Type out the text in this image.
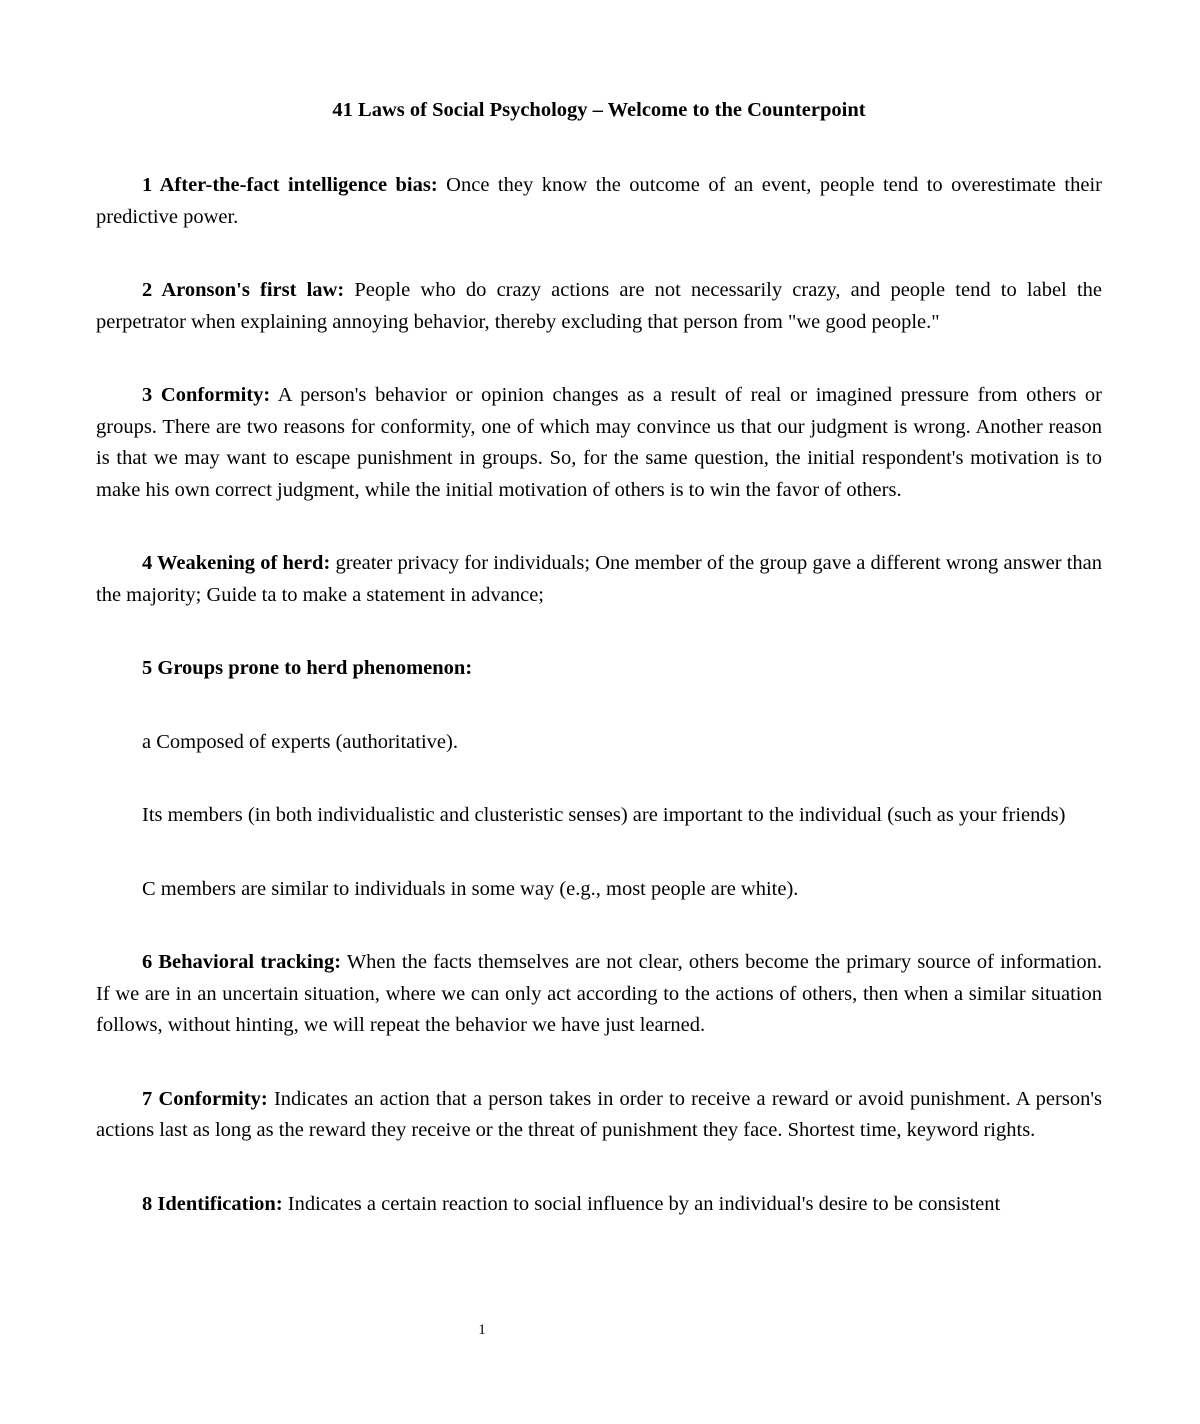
41 Laws of Social Psychology – Welcome to the Counterpoint

1 After-the-fact intelligence bias: Once they know the outcome of an event, people tend to overestimate their predictive power.

2 Aronson's first law: People who do crazy actions are not necessarily crazy, and people tend to label the perpetrator when explaining annoying behavior, thereby excluding that person from "we good people."

3 Conformity: A person's behavior or opinion changes as a result of real or imagined pressure from others or groups. There are two reasons for conformity, one of which may convince us that our judgment is wrong. Another reason is that we may want to escape punishment in groups. So, for the same question, the initial respondent's motivation is to make his own correct judgment, while the initial motivation of others is to win the favor of others.

4 Weakening of herd: greater privacy for individuals; One member of the group gave a different wrong answer than the majority; Guide ta to make a statement in advance;

5 Groups prone to herd phenomenon:

a Composed of experts (authoritative).

Its members (in both individualistic and clusteristic senses) are important to the individual (such as your friends)

C members are similar to individuals in some way (e.g., most people are white).

6 Behavioral tracking: When the facts themselves are not clear, others become the primary source of information. If we are in an uncertain situation, where we can only act according to the actions of others, then when a similar situation follows, without hinting, we will repeat the behavior we have just learned.

7 Conformity: Indicates an action that a person takes in order to receive a reward or avoid punishment. A person's actions last as long as the reward they receive or the threat of punishment they face. Shortest time, keyword rights.

8 Identification: Indicates a certain reaction to social influence by an individual's desire to be consistent

1
